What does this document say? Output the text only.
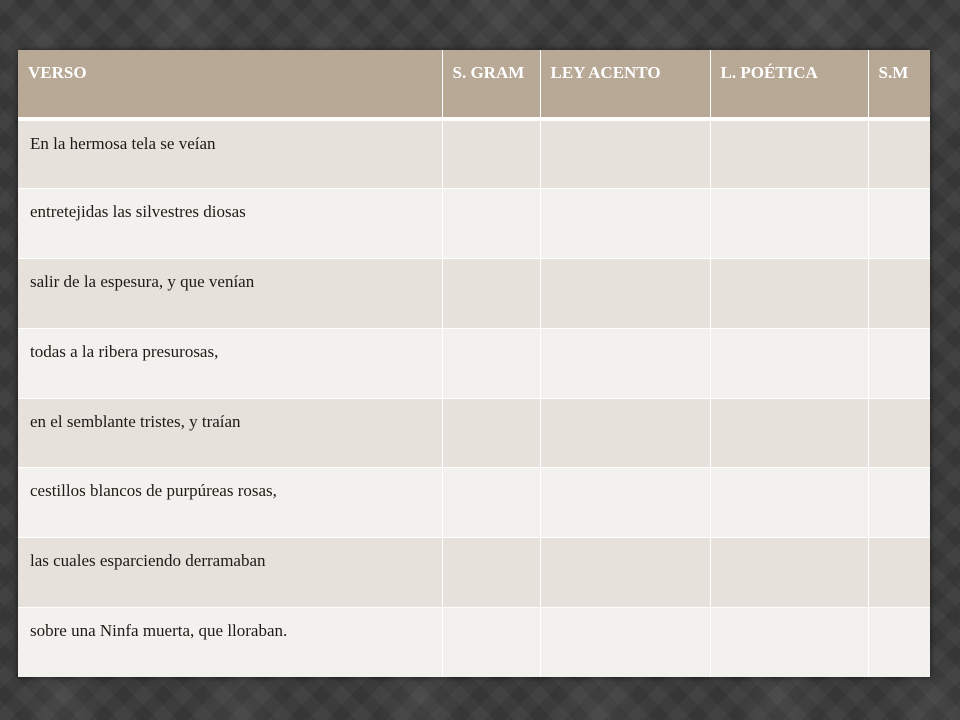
VERSO	S. GRAM	LEY ACENTO	L. POÉTICA	S.M
En la hermosa tela se veían				
entretejidas las silvestres diosas				
salir de la espesura, y que venían				
todas a la ribera presurosas,				
en el semblante tristes, y traían				
cestillos blancos de purpúreas rosas,				
las cuales esparciendo derramaban				
sobre una Ninfa muerta, que lloraban.				
